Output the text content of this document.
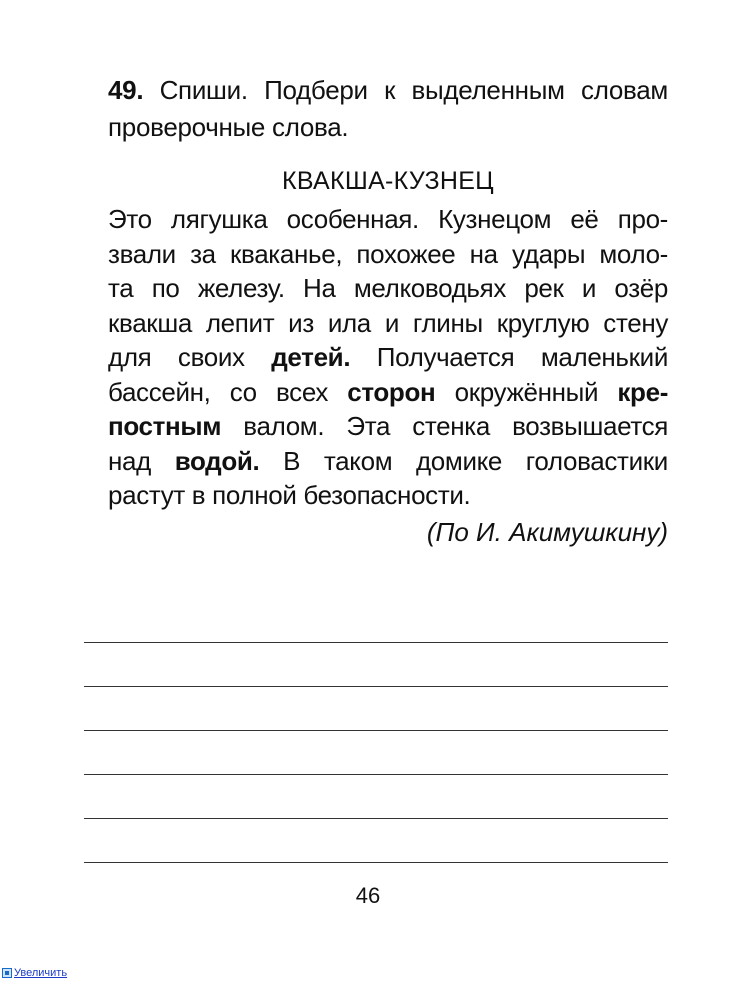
49. Спиши. Подбери к выделенным словам проверочные слова.

КВАКША-КУЗНЕЦ
Это лягушка особенная. Кузнецом её про-
звали за кваканье, похожее на удары моло-
та по железу. На мелководьях рек и озёр
квакша лепит из ила и глины круглую стену
для своих детей. Получается маленький
бассейн, со всех сторон окружённый кре-
постным валом. Эта стенка возвышается
над водой. В таком домике головастики
растут в полной безопасности.
(По И. Акимушкину)
46
Увеличить
